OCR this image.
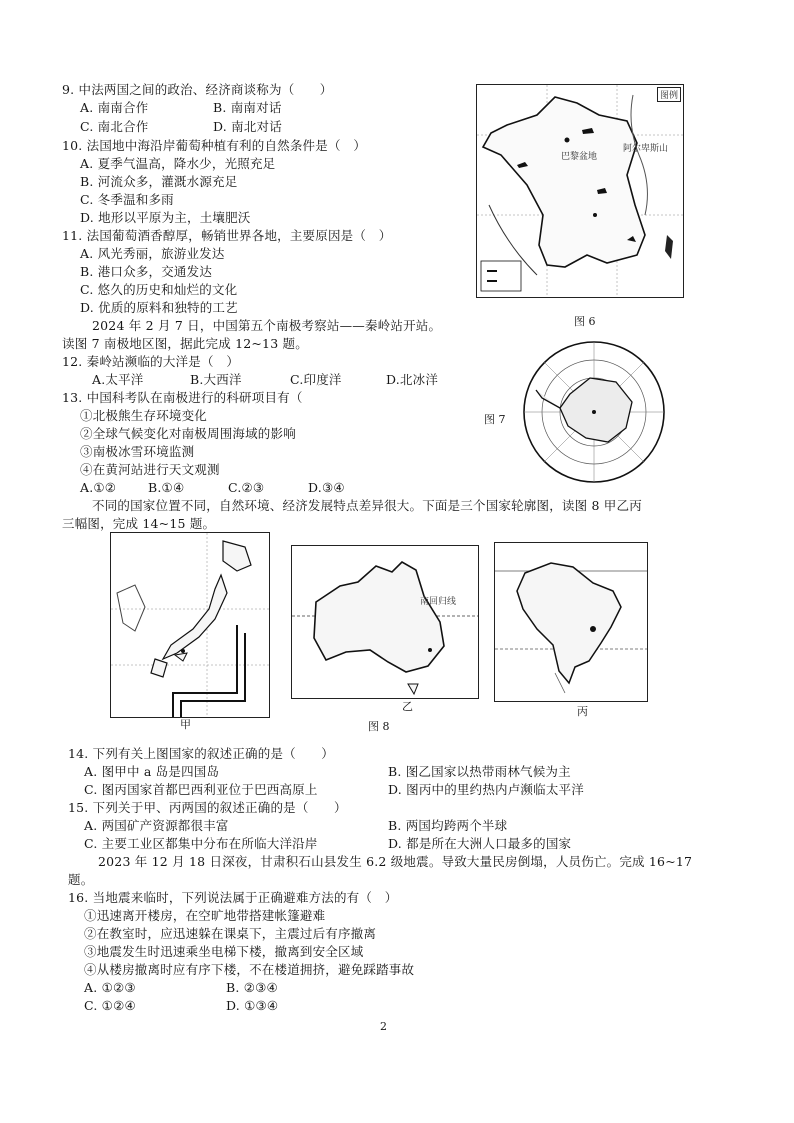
9. 中法两国之间的政治、经济商谈称为（　　）
A. 南南合作	B. 南南对话
C. 南北合作	D. 南北对话
10. 法国地中海沿岸葡萄种植有利的自然条件是（　）
A. 夏季气温高，降水少，光照充足
B. 河流众多，灌溉水源充足
C. 冬季温和多雨
D. 地形以平原为主，土壤肥沃
11. 法国葡萄酒香醇厚，畅销世界各地，主要原因是（　）
A. 风光秀丽，旅游业发达
B. 港口众多，交通发达
C. 悠久的历史和灿烂的文化
D. 优质的原料和独特的工艺
2024 年 2 月 7 日，中国第五个南极考察站——秦岭站开站。
读图 7 南极地区图，据此完成 12~13 题。
12. 秦岭站濒临的大洋是（　）
A.太平洋	B.大西洋	C.印度洋	D.北冰洋
13. 中国科考队在南极进行的科研项目有（
①北极熊生存环境变化
②全球气候变化对南极周围海域的影响
③南极冰雪环境监测
④在黄河站进行天文观测
A.①②	B.①④	C.②③	D.③④
不同的国家位置不同，自然环境、经济发展特点差异很大。下面是三个国家轮廓图，读图 8 甲乙丙
三幅图，完成 14~15 题。
图例
巴黎盆地
阿尔卑斯山
图 6
图 7
甲
南回归线
乙	丙
图 8
14. 下列有关上图国家的叙述正确的是（　　）
A. 图甲中 a 岛是四国岛	B. 图乙国家以热带雨林气候为主
C. 图丙国家首都巴西利亚位于巴西高原上	D. 图丙中的里约热内卢濒临太平洋
15. 下列关于甲、丙两国的叙述正确的是（　　）
A. 两国矿产资源都很丰富	B. 两国均跨两个半球
C. 主要工业区都集中分布在所临大洋沿岸	D. 都是所在大洲人口最多的国家
2023 年 12 月 18 日深夜，甘肃积石山县发生 6.2 级地震。导致大量民房倒塌，人员伤亡。完成 16~17
题。
16. 当地震来临时，下列说法属于正确避难方法的有（　）
①迅速离开楼房，在空旷地带搭建帐篷避难
②在教室时，应迅速躲在课桌下，主震过后有序撤离
③地震发生时迅速乘坐电梯下楼，撤离到安全区域
④从楼房撤离时应有序下楼，不在楼道拥挤，避免踩踏事故
A. ①②③	B. ②③④
C. ①②④	D. ①③④
2
